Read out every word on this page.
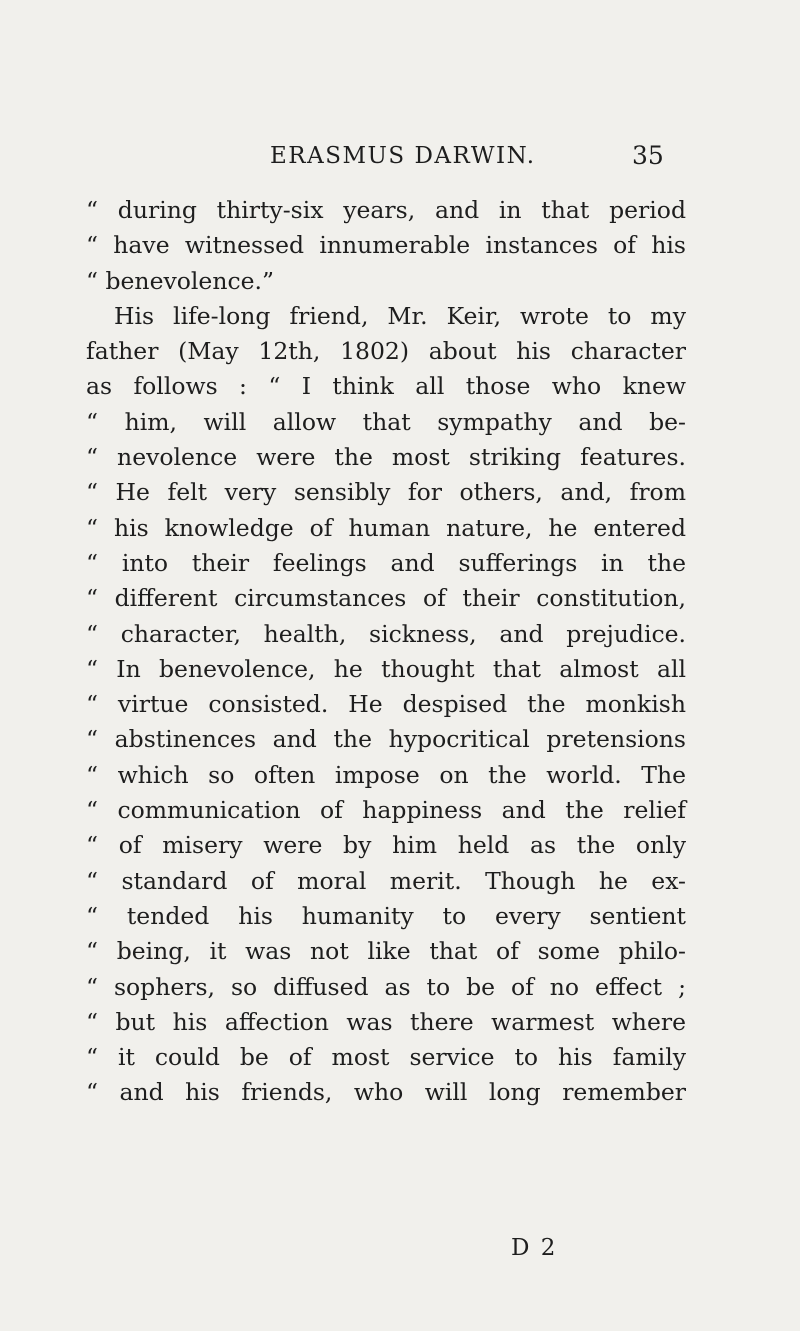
ERASMUS DARWIN.	35
“ during thirty-six years, and in that period
“ have witnessed innumerable instances of his
“ benevolence.”
His life-long friend, Mr. Keir, wrote to my
father (May 12th, 1802) about his character
as follows : “ I think all those who knew
“ him, will allow that sympathy and be-
“ nevolence were the most striking features.
“ He felt very sensibly for others, and, from
“ his knowledge of human nature, he entered
“ into their feelings and sufferings in the
“ different circumstances of their constitution,
“ character, health, sickness, and prejudice.
“ In benevolence, he thought that almost all
“ virtue consisted. He despised the monkish
“ abstinences and the hypocritical pretensions
“ which so often impose on the world. The
“ communication of happiness and the relief
“ of misery were by him held as the only
“ standard of moral merit. Though he ex-
“ tended his humanity to every sentient
“ being, it was not like that of some philo-
“ sophers, so diffused as to be of no effect ;
“ but his affection was there warmest where
“ it could be of most service to his family
“ and his friends, who will long remember
D 2
